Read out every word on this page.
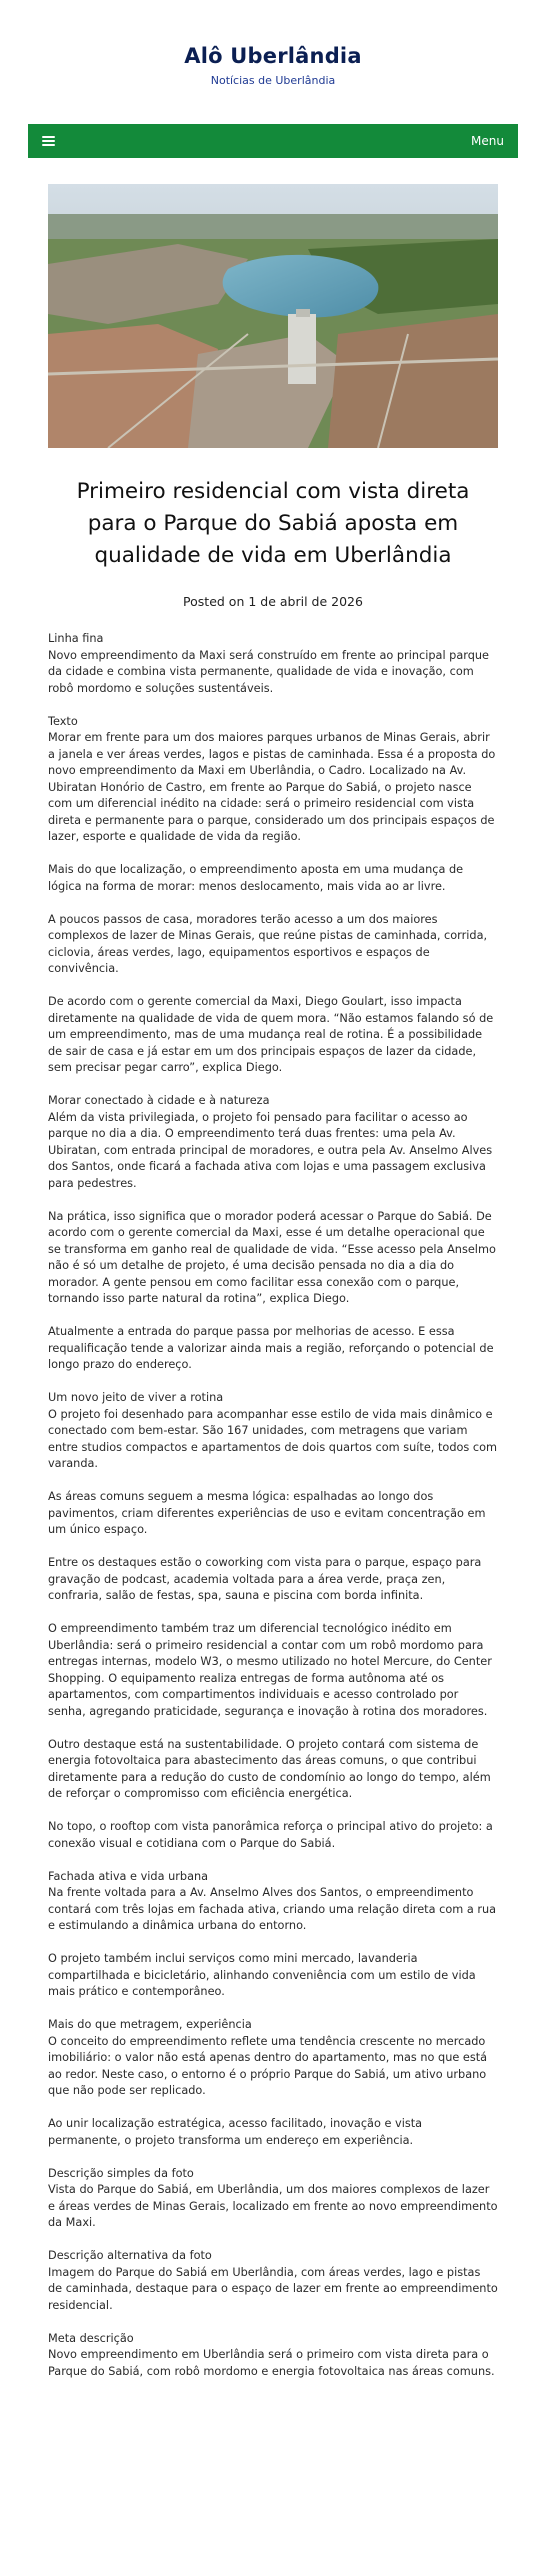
Alô Uberlândia
Notícias de Uberlândia
Menu
Primeiro residencial com vista direta para o Parque do Sabiá aposta em qualidade de vida em Uberlândia
Posted on 1 de abril de 2026

Linha fina
Novo empreendimento da Maxi será construído em frente ao principal parque da cidade e combina vista permanente, qualidade de vida e inovação, com robô mordomo e soluções sustentáveis.

Texto
Morar em frente para um dos maiores parques urbanos de Minas Gerais, abrir a janela e ver áreas verdes, lagos e pistas de caminhada. Essa é a proposta do novo empreendimento da Maxi em Uberlândia, o Cadro. Localizado na Av. Ubiratan Honório de Castro, em frente ao Parque do Sabiá, o projeto nasce com um diferencial inédito na cidade: será o primeiro residencial com vista direta e permanente para o parque, considerado um dos principais espaços de lazer, esporte e qualidade de vida da região.

Mais do que localização, o empreendimento aposta em uma mudança de lógica na forma de morar: menos deslocamento, mais vida ao ar livre.

A poucos passos de casa, moradores terão acesso a um dos maiores complexos de lazer de Minas Gerais, que reúne pistas de caminhada, corrida, ciclovia, áreas verdes, lago, equipamentos esportivos e espaços de convivência.

De acordo com o gerente comercial da Maxi, Diego Goulart, isso impacta diretamente na qualidade de vida de quem mora. “Não estamos falando só de um empreendimento, mas de uma mudança real de rotina. É a possibilidade de sair de casa e já estar em um dos principais espaços de lazer da cidade, sem precisar pegar carro”, explica Diego.

Morar conectado à cidade e à natureza
Além da vista privilegiada, o projeto foi pensado para facilitar o acesso ao parque no dia a dia. O empreendimento terá duas frentes: uma pela Av. Ubiratan, com entrada principal de moradores, e outra pela Av. Anselmo Alves dos Santos, onde ficará a fachada ativa com lojas e uma passagem exclusiva para pedestres.

Na prática, isso significa que o morador poderá acessar o Parque do Sabiá. De acordo com o gerente comercial da Maxi, esse é um detalhe operacional que se transforma em ganho real de qualidade de vida. “Esse acesso pela Anselmo não é só um detalhe de projeto, é uma decisão pensada no dia a dia do morador. A gente pensou em como facilitar essa conexão com o parque, tornando isso parte natural da rotina”, explica Diego.

Atualmente a entrada do parque passa por melhorias de acesso. E essa requalificação tende a valorizar ainda mais a região, reforçando o potencial de longo prazo do endereço.

Um novo jeito de viver a rotina
O projeto foi desenhado para acompanhar esse estilo de vida mais dinâmico e conectado com bem-estar. São 167 unidades, com metragens que variam entre studios compactos e apartamentos de dois quartos com suíte, todos com varanda.

As áreas comuns seguem a mesma lógica: espalhadas ao longo dos pavimentos, criam diferentes experiências de uso e evitam concentração em um único espaço.

Entre os destaques estão o coworking com vista para o parque, espaço para gravação de podcast, academia voltada para a área verde, praça zen, confraria, salão de festas, spa, sauna e piscina com borda infinita.

O empreendimento também traz um diferencial tecnológico inédito em Uberlândia: será o primeiro residencial a contar com um robô mordomo para entregas internas, modelo W3, o mesmo utilizado no hotel Mercure, do Center Shopping. O equipamento realiza entregas de forma autônoma até os apartamentos, com compartimentos individuais e acesso controlado por senha, agregando praticidade, segurança e inovação à rotina dos moradores.

Outro destaque está na sustentabilidade. O projeto contará com sistema de energia fotovoltaica para abastecimento das áreas comuns, o que contribui diretamente para a redução do custo de condomínio ao longo do tempo, além de reforçar o compromisso com eficiência energética.

No topo, o rooftop com vista panorâmica reforça o principal ativo do projeto: a conexão visual e cotidiana com o Parque do Sabiá.

Fachada ativa e vida urbana
Na frente voltada para a Av. Anselmo Alves dos Santos, o empreendimento contará com três lojas em fachada ativa, criando uma relação direta com a rua e estimulando a dinâmica urbana do entorno.

O projeto também inclui serviços como mini mercado, lavanderia compartilhada e bicicletário, alinhando conveniência com um estilo de vida mais prático e contemporâneo.

Mais do que metragem, experiência
O conceito do empreendimento reflete uma tendência crescente no mercado imobiliário: o valor não está apenas dentro do apartamento, mas no que está ao redor. Neste caso, o entorno é o próprio Parque do Sabiá, um ativo urbano que não pode ser replicado.

Ao unir localização estratégica, acesso facilitado, inovação e vista permanente, o projeto transforma um endereço em experiência.

Descrição simples da foto
Vista do Parque do Sabiá, em Uberlândia, um dos maiores complexos de lazer e áreas verdes de Minas Gerais, localizado em frente ao novo empreendimento da Maxi.

Descrição alternativa da foto
Imagem do Parque do Sabiá em Uberlândia, com áreas verdes, lago e pistas de caminhada, destaque para o espaço de lazer em frente ao empreendimento residencial.

Meta descrição
Novo empreendimento em Uberlândia será o primeiro com vista direta para o Parque do Sabiá, com robô mordomo e energia fotovoltaica nas áreas comuns.
